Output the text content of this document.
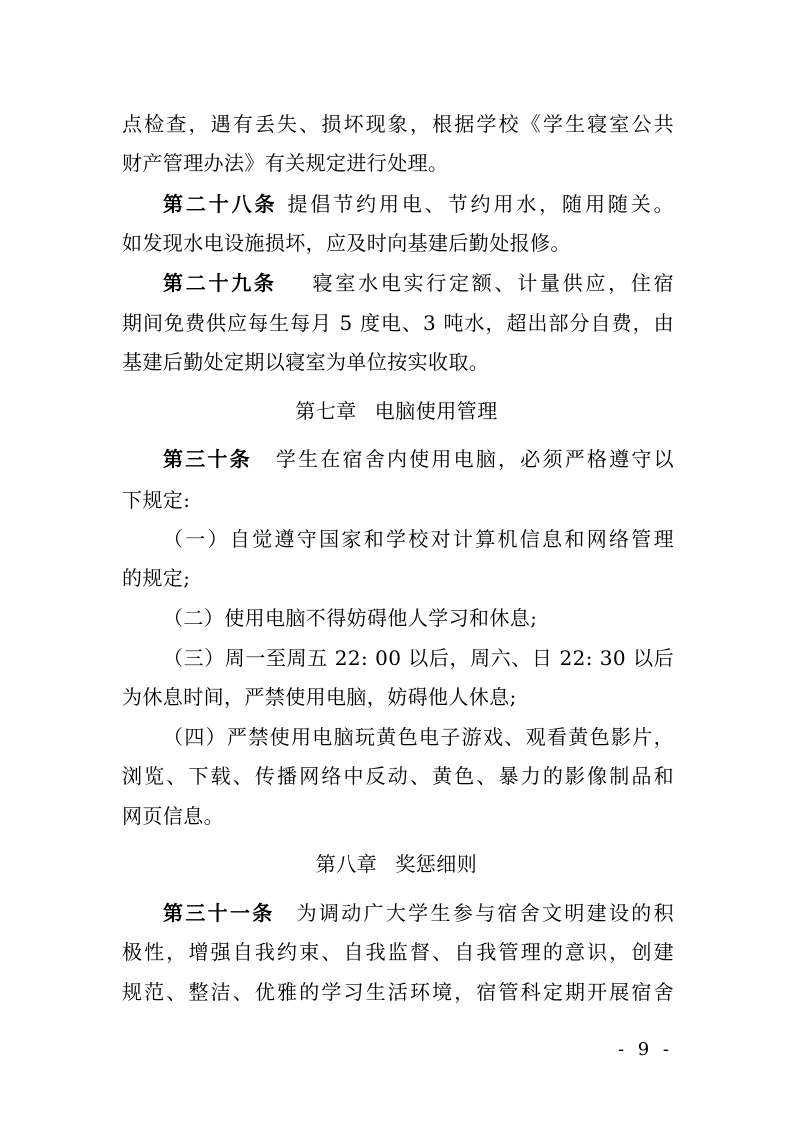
点检查，遇有丢失、损坏现象，根据学校《学生寝室公共
财产管理办法》有关规定进行处理。
第二十八条 提倡节约用电、节约用水，随用随关。
如发现水电设施损坏，应及时向基建后勤处报修。
第二十九条 寝室水电实行定额、计量供应，住宿
期间免费供应每生每月 5 度电、3 吨水，超出部分自费，由
基建后勤处定期以寝室为单位按实收取。
第七章 电脑使用管理
第三十条 学生在宿舍内使用电脑，必须严格遵守以
下规定:
（一）自觉遵守国家和学校对计算机信息和网络管理
的规定;
（二）使用电脑不得妨碍他人学习和休息;
（三）周一至周五 22: 00 以后，周六、日 22: 30 以后
为休息时间，严禁使用电脑，妨碍他人休息;
（四）严禁使用电脑玩黄色电子游戏、观看黄色影片，
浏览、下载、传播网络中反动、黄色、暴力的影像制品和
网页信息。
第八章 奖惩细则
第三十一条 为调动广大学生参与宿舍文明建设的积
极性，增强自我约束、自我监督、自我管理的意识，创建
规范、整洁、优雅的学习生活环境，宿管科定期开展宿舍
- 9 -
